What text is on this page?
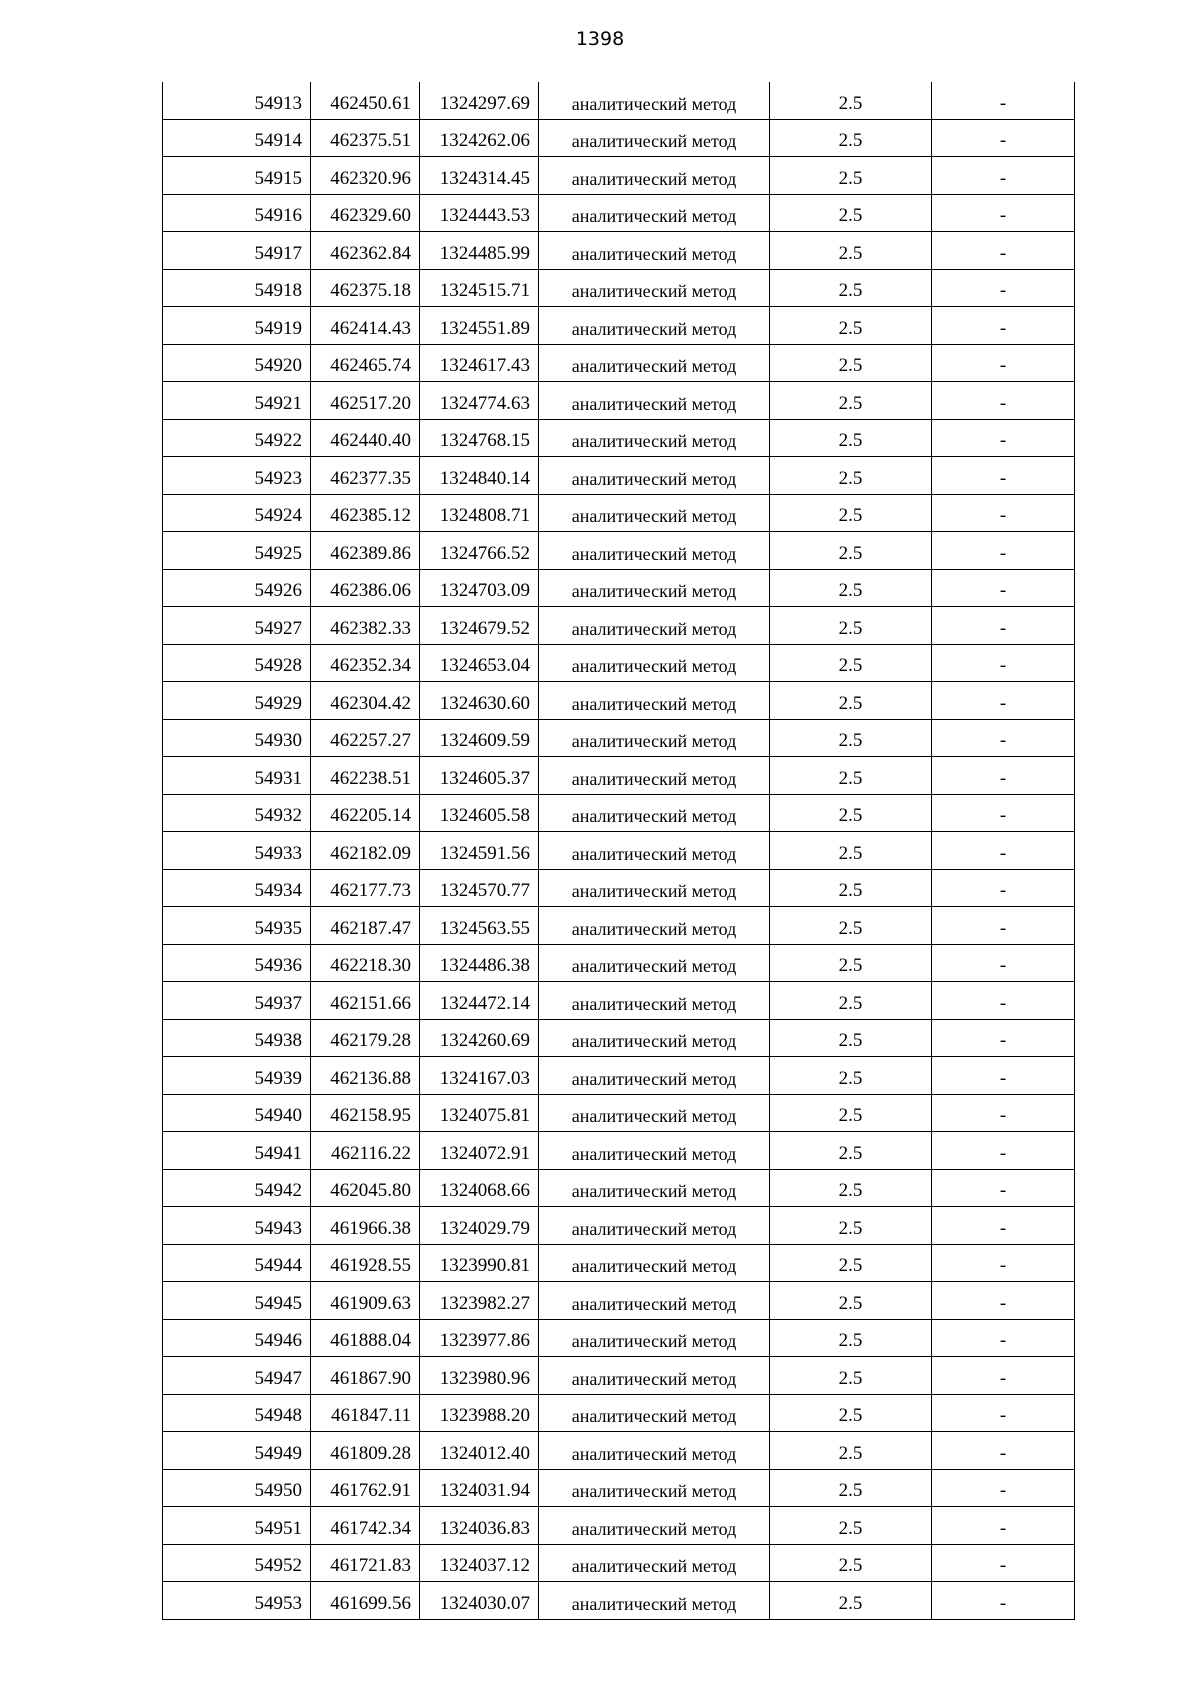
1398
54913	462450.61	1324297.69	аналитический метод	2.5	-
54914	462375.51	1324262.06	аналитический метод	2.5	-
54915	462320.96	1324314.45	аналитический метод	2.5	-
54916	462329.60	1324443.53	аналитический метод	2.5	-
54917	462362.84	1324485.99	аналитический метод	2.5	-
54918	462375.18	1324515.71	аналитический метод	2.5	-
54919	462414.43	1324551.89	аналитический метод	2.5	-
54920	462465.74	1324617.43	аналитический метод	2.5	-
54921	462517.20	1324774.63	аналитический метод	2.5	-
54922	462440.40	1324768.15	аналитический метод	2.5	-
54923	462377.35	1324840.14	аналитический метод	2.5	-
54924	462385.12	1324808.71	аналитический метод	2.5	-
54925	462389.86	1324766.52	аналитический метод	2.5	-
54926	462386.06	1324703.09	аналитический метод	2.5	-
54927	462382.33	1324679.52	аналитический метод	2.5	-
54928	462352.34	1324653.04	аналитический метод	2.5	-
54929	462304.42	1324630.60	аналитический метод	2.5	-
54930	462257.27	1324609.59	аналитический метод	2.5	-
54931	462238.51	1324605.37	аналитический метод	2.5	-
54932	462205.14	1324605.58	аналитический метод	2.5	-
54933	462182.09	1324591.56	аналитический метод	2.5	-
54934	462177.73	1324570.77	аналитический метод	2.5	-
54935	462187.47	1324563.55	аналитический метод	2.5	-
54936	462218.30	1324486.38	аналитический метод	2.5	-
54937	462151.66	1324472.14	аналитический метод	2.5	-
54938	462179.28	1324260.69	аналитический метод	2.5	-
54939	462136.88	1324167.03	аналитический метод	2.5	-
54940	462158.95	1324075.81	аналитический метод	2.5	-
54941	462116.22	1324072.91	аналитический метод	2.5	-
54942	462045.80	1324068.66	аналитический метод	2.5	-
54943	461966.38	1324029.79	аналитический метод	2.5	-
54944	461928.55	1323990.81	аналитический метод	2.5	-
54945	461909.63	1323982.27	аналитический метод	2.5	-
54946	461888.04	1323977.86	аналитический метод	2.5	-
54947	461867.90	1323980.96	аналитический метод	2.5	-
54948	461847.11	1323988.20	аналитический метод	2.5	-
54949	461809.28	1324012.40	аналитический метод	2.5	-
54950	461762.91	1324031.94	аналитический метод	2.5	-
54951	461742.34	1324036.83	аналитический метод	2.5	-
54952	461721.83	1324037.12	аналитический метод	2.5	-
54953	461699.56	1324030.07	аналитический метод	2.5	-
